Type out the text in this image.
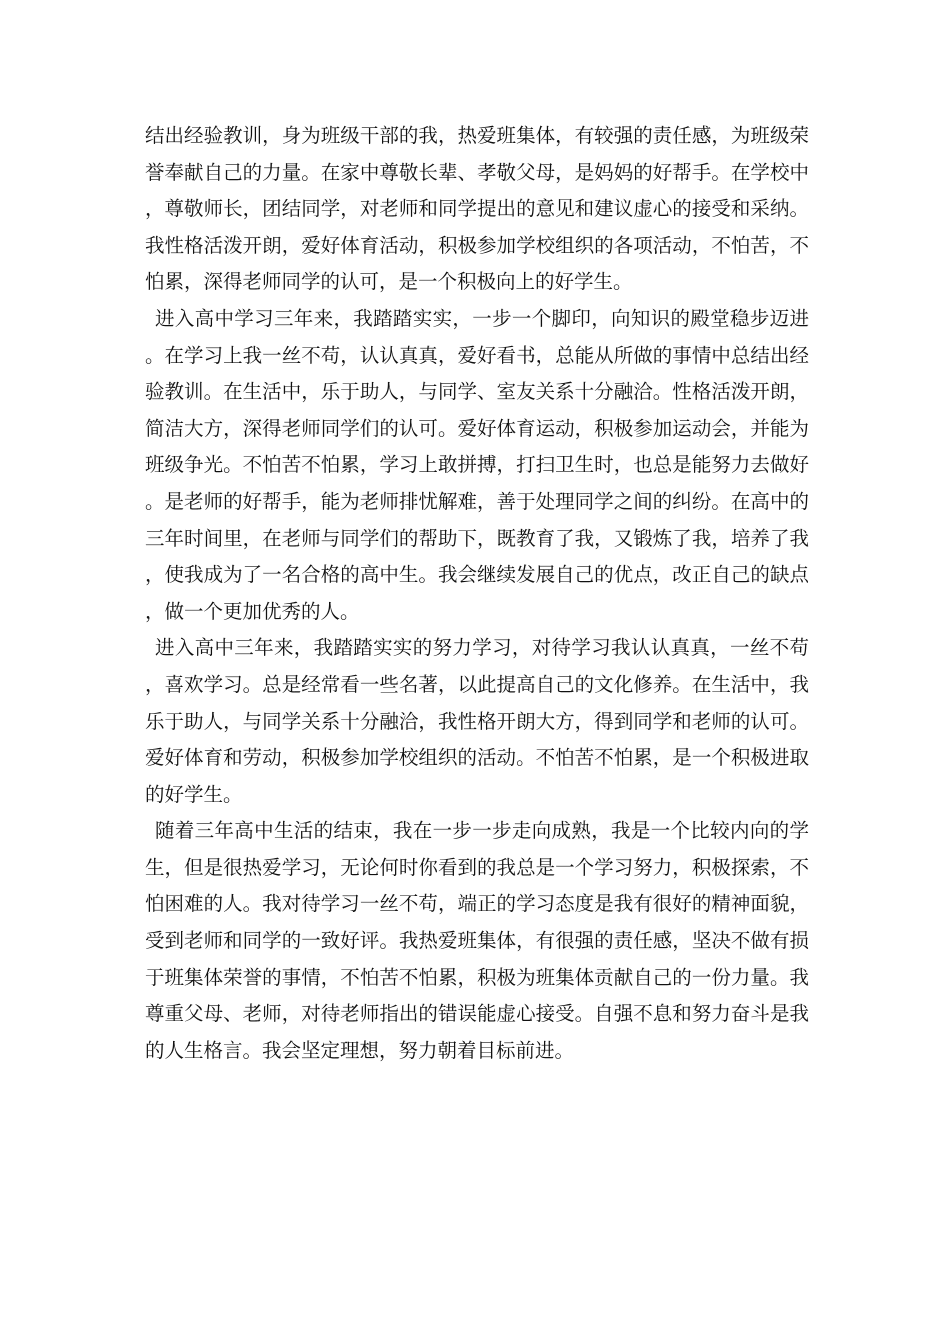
结出经验教训，身为班级干部的我，热爱班集体，有较强的责任感，为班级荣誉奉献自己的力量。在家中尊敬长辈、孝敬父母，是妈妈的好帮手。在学校中，尊敬师长，团结同学，对老师和同学提出的意见和建议虚心的接受和采纳。我性格活泼开朗，爱好体育活动，积极参加学校组织的各项活动，不怕苦，不怕累，深得老师同学的认可，是一个积极向上的好学生。

进入高中学习三年来，我踏踏实实，一步一个脚印，向知识的殿堂稳步迈进。在学习上我一丝不苟，认认真真，爱好看书，总能从所做的事情中总结出经验教训。在生活中，乐于助人，与同学、室友关系十分融洽。性格活泼开朗，简洁大方，深得老师同学们的认可。爱好体育运动，积极参加运动会，并能为班级争光。不怕苦不怕累，学习上敢拼搏，打扫卫生时，也总是能努力去做好。是老师的好帮手，能为老师排忧解难，善于处理同学之间的纠纷。在高中的三年时间里，在老师与同学们的帮助下，既教育了我，又锻炼了我，培养了我，使我成为了一名合格的高中生。我会继续发展自己的优点，改正自己的缺点，做一个更加优秀的人。

进入高中三年来，我踏踏实实的努力学习，对待学习我认认真真，一丝不苟，喜欢学习。总是经常看一些名著，以此提高自己的文化修养。在生活中，我乐于助人，与同学关系十分融洽，我性格开朗大方，得到同学和老师的认可。爱好体育和劳动，积极参加学校组织的活动。不怕苦不怕累，是一个积极进取的好学生。

随着三年高中生活的结束，我在一步一步走向成熟，我是一个比较内向的学生，但是很热爱学习，无论何时你看到的我总是一个学习努力，积极探索，不怕困难的人。我对待学习一丝不苟，端正的学习态度是我有很好的精神面貌，受到老师和同学的一致好评。我热爱班集体，有很强的责任感，坚决不做有损于班集体荣誉的事情，不怕苦不怕累，积极为班集体贡献自己的一份力量。我尊重父母、老师，对待老师指出的错误能虚心接受。自强不息和努力奋斗是我的人生格言。我会坚定理想，努力朝着目标前进。
